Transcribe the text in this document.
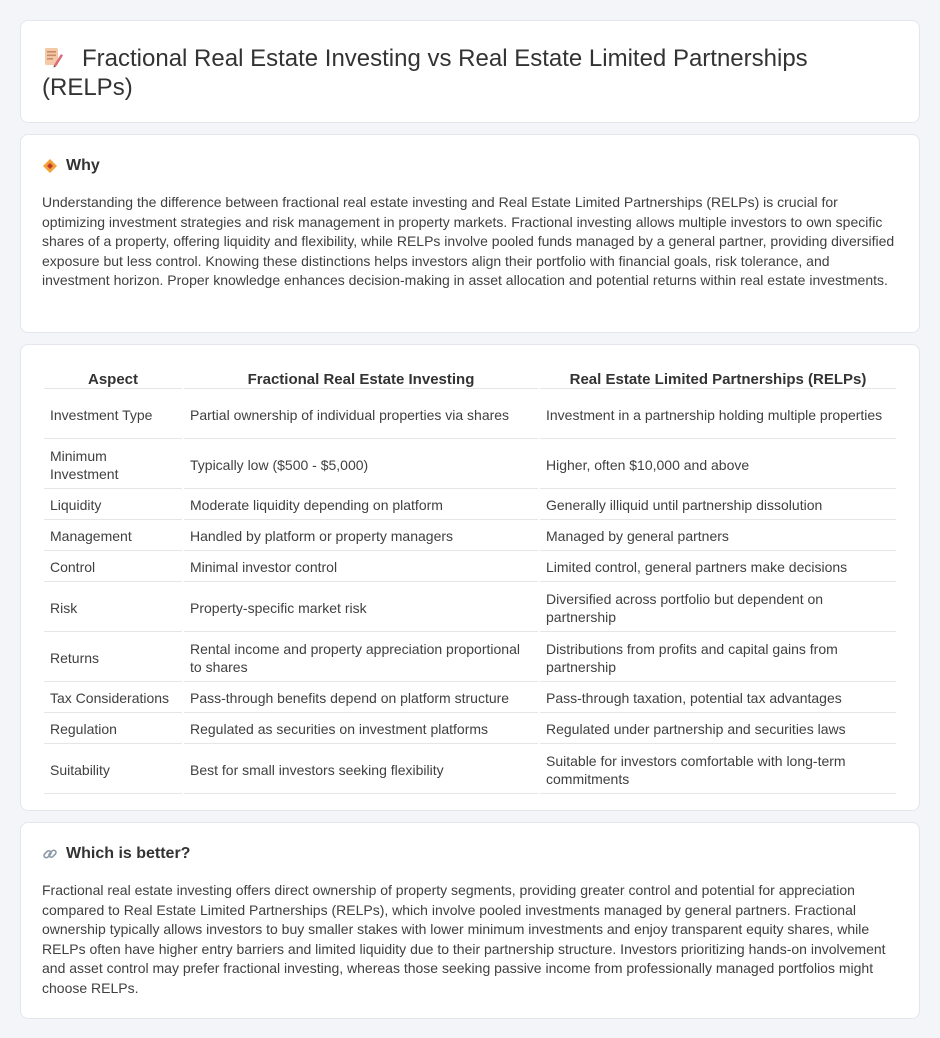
Fractional Real Estate Investing vs Real Estate Limited Partnerships (RELPs)
Why

Understanding the difference between fractional real estate investing and Real Estate Limited Partnerships (RELPs) is crucial for optimizing investment strategies and risk management in property markets. Fractional investing allows multiple investors to own specific shares of a property, offering liquidity and flexibility, while RELPs involve pooled funds managed by a general partner, providing diversified exposure but less control. Knowing these distinctions helps investors align their portfolio with financial goals, risk tolerance, and investment horizon. Proper knowledge enhances decision-making in asset allocation and potential returns within real estate investments.

Aspect	Fractional Real Estate Investing	Real Estate Limited Partnerships (RELPs)
Investment Type	Partial ownership of individual properties via shares	Investment in a partnership holding multiple properties
Minimum Investment	Typically low ($500 - $5,000)	Higher, often $10,000 and above
Liquidity	Moderate liquidity depending on platform	Generally illiquid until partnership dissolution
Management	Handled by platform or property managers	Managed by general partners
Control	Minimal investor control	Limited control, general partners make decisions
Risk	Property-specific market risk	Diversified across portfolio but dependent on partnership
Returns	Rental income and property appreciation proportional to shares	Distributions from profits and capital gains from partnership
Tax Considerations	Pass-through benefits depend on platform structure	Pass-through taxation, potential tax advantages
Regulation	Regulated as securities on investment platforms	Regulated under partnership and securities laws
Suitability	Best for small investors seeking flexibility	Suitable for investors comfortable with long-term commitments
Which is better?

Fractional real estate investing offers direct ownership of property segments, providing greater control and potential for appreciation compared to Real Estate Limited Partnerships (RELPs), which involve pooled investments managed by general partners. Fractional ownership typically allows investors to buy smaller stakes with lower minimum investments and enjoy transparent equity shares, while RELPs often have higher entry barriers and limited liquidity due to their partnership structure. Investors prioritizing hands-on involvement and asset control may prefer fractional investing, whereas those seeking passive income from professionally managed portfolios might choose RELPs.
